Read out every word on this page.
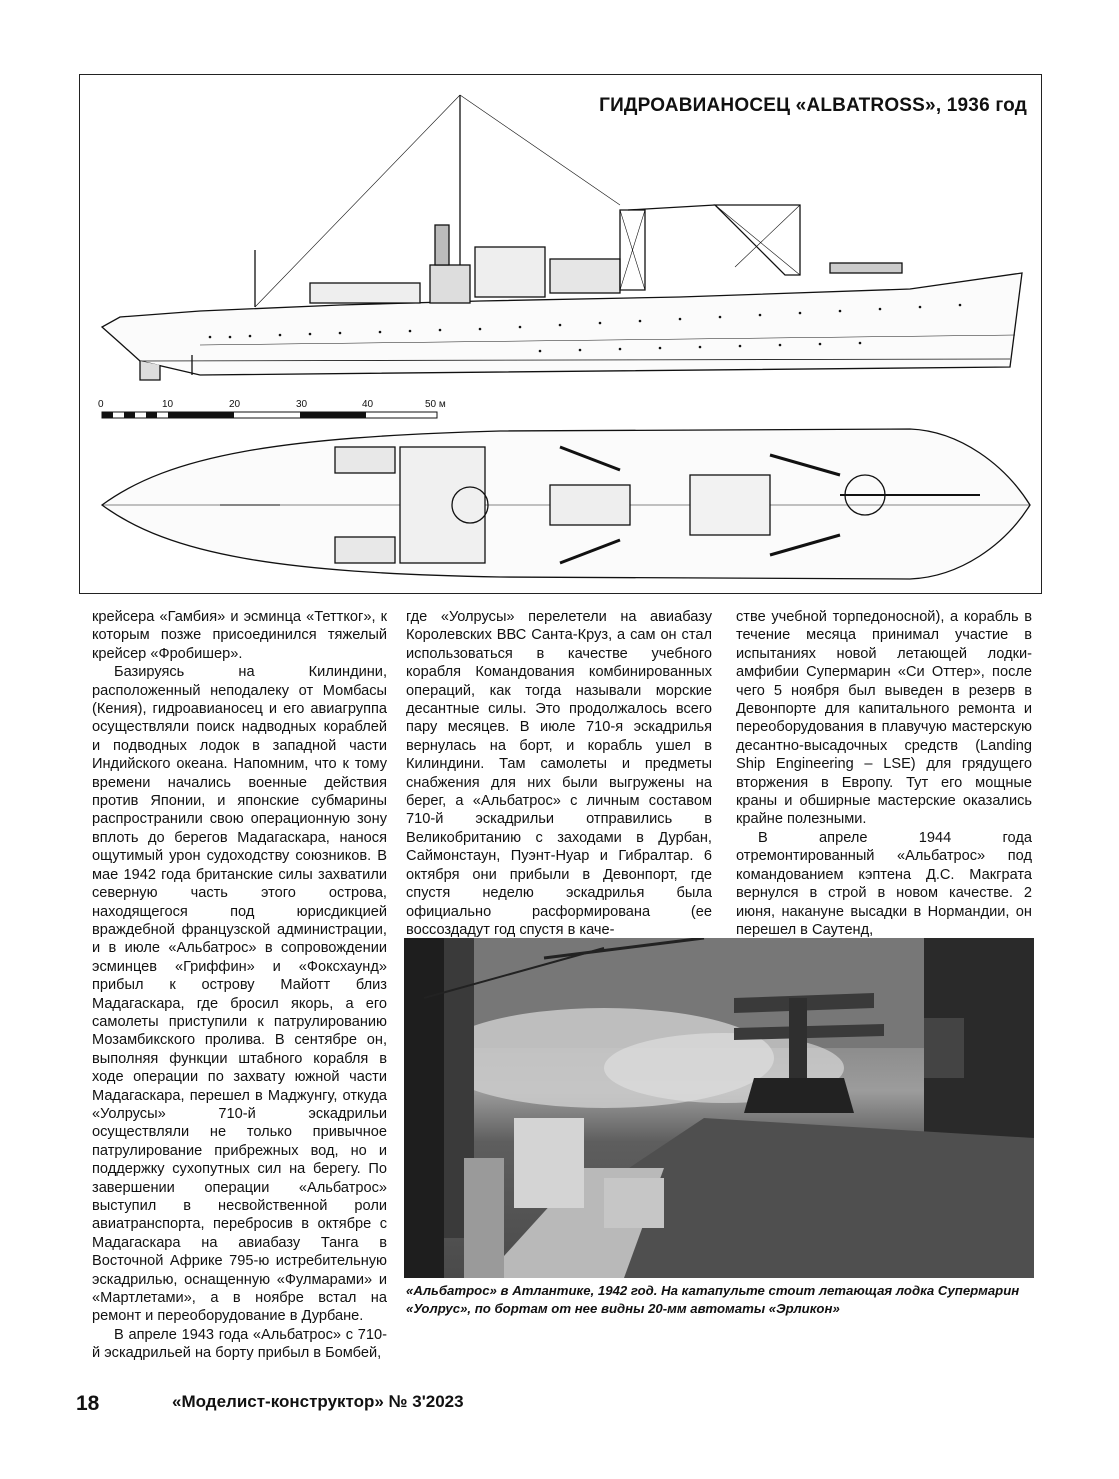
ГИДРОАВИАНОСЕЦ «ALBATROSS», 1936 год
0	10	20	30	40	50 м

крейсера «Гамбия» и эсминца «Теттког», к которым позже присоединился тяжелый крейсер «Фробишер».

Базируясь на Килиндини, расположенный неподалеку от Момбасы (Кения), гидроавианосец и его авиагруппа осуществляли поиск надводных кораблей и подводных лодок в западной части Индийского океана. Напомним, что к тому времени начались военные действия против Японии, и японские субмарины распространили свою операционную зону вплоть до берегов Мадагаскара, нанося ощутимый урон судоходству союзников. В мае 1942 года британские силы захватили северную часть этого острова, находящегося под юрисдикцией враждебной французской администрации, и в июле «Альбатрос» в сопровождении эсминцев «Гриффин» и «Фоксхаунд» прибыл к острову Майотт близ Мадагаскара, где бросил якорь, а его самолеты приступили к патрулированию Мозамбикского пролива. В сентябре он, выполняя функции штабного корабля в ходе операции по захвату южной части Мадагаскара, перешел в Маджунгу, откуда «Уолрусы» 710-й эскадрильи осуществляли не только привычное патрулирование прибрежных вод, но и поддержку сухопутных сил на берегу. По завершении операции «Альбатрос» выступил в несвойственной роли авиатранспорта, перебросив в октябре с Мадагаскара на авиабазу Танга в Восточной Африке 795-ю истребительную эскадрилью, оснащенную «Фулмарами» и «Мартлетами», а в ноябре встал на ремонт и переоборудование в Дурбане.

В апреле 1943 года «Альбатрос» с 710-й эскадрильей на борту прибыл в Бомбей,

где «Уолрусы» перелетели на авиабазу Королевских ВВС Санта-Круз, а сам он стал использоваться в качестве учебного корабля Командования комбинированных операций, как тогда называли морские десантные силы. Это продолжалось всего пару месяцев. В июле 710-я эскадрилья вернулась на борт, и корабль ушел в Килиндини. Там самолеты и предметы снабжения для них были выгружены на берег, а «Альбатрос» с личным составом 710-й эскадрильи отправились в Великобританию с заходами в Дурбан, Саймонстаун, Пуэнт-Нуар и Гибралтар. 6 октября они прибыли в Девонпорт, где спустя неделю эскадрилья была официально расформирована (ее воссоздадут год спустя в каче-

стве учебной торпедоносной), а корабль в течение месяца принимал участие в испытаниях новой летающей лодки-амфибии Супермарин «Си Оттер», после чего 5 ноября был выведен в резерв в Девонпорте для капитального ремонта и переоборудования в плавучую мастерскую десантно-высадочных средств (Landing Ship Engineering – LSE) для грядущего вторжения в Европу. Тут его мощные краны и обширные мастерские оказались крайне полезными.

В апреле 1944 года отремонтированный «Альбатрос» под командованием кэптена Д.С. Макграта вернулся в строй в новом качестве. 2 июня, накануне высадки в Нормандии, он перешел в Саутенд,

«Альбатрос» в Атлантике, 1942 год. На катапульте стоит летающая лодка Супермарин «Уолрус», по бортам от нее видны 20-мм автоматы «Эрликон»
18	«Моделист-конструктор» № 3'2023
